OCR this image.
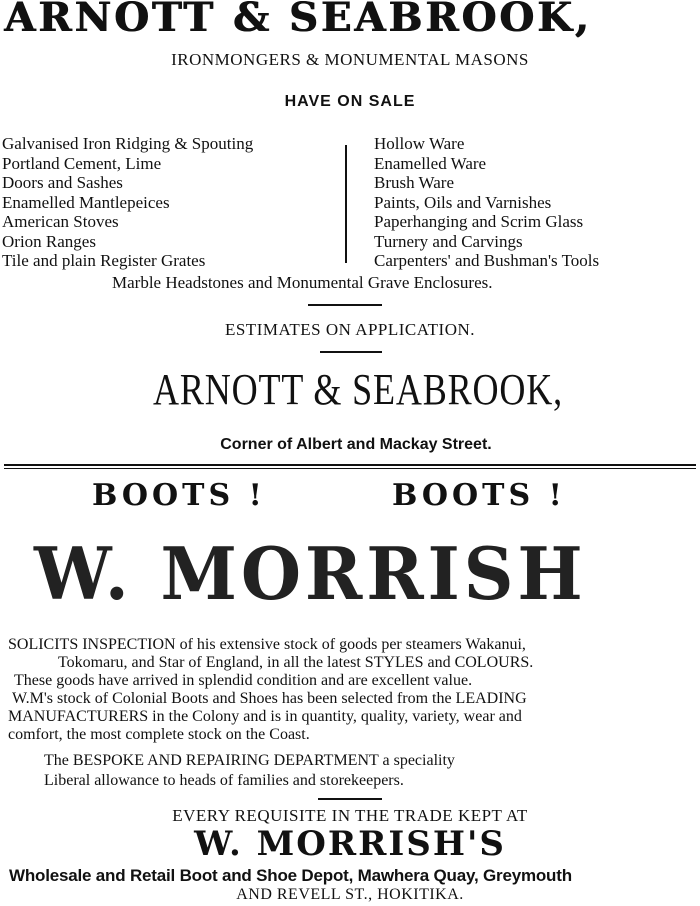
ARNOTT & SEABROOK,
IRONMONGERS & MONUMENTAL MASONS
HAVE ON SALE
Galvanised Iron Ridging & Spouting
Portland Cement, Lime
Doors and Sashes
Enamelled Mantlepeices
American Stoves
Orion Ranges
Tile and plain Register Grates
Hollow Ware
Enamelled Ware
Brush Ware
Paints, Oils and Varnishes
Paperhanging and Scrim Glass
Turnery and Carvings
Carpenters' and Bushman's Tools
Marble Headstones and Monumental Grave Enclosures.
ESTIMATES ON APPLICATION.
ARNOTT & SEABROOK,
Corner of Albert and Mackay Street.
BOOTS !	BOOTS !
W. MORRISH
SOLICITS INSPECTION of his extensive stock of goods per steamers Wakanui,
Tokomaru, and Star of England, in all the latest STYLES and COLOURS.
These goods have arrived in splendid condition and are excellent value.
W.M's stock of Colonial Boots and Shoes has been selected from the LEADING
MANUFACTURERS in the Colony and is in quantity, quality, variety, wear and
comfort, the most complete stock on the Coast.
The BESPOKE AND REPAIRING DEPARTMENT a speciality
Liberal allowance to heads of families and storekeepers.
EVERY REQUISITE IN THE TRADE KEPT AT
W. MORRISH'S
Wholesale and Retail Boot and Shoe Depot, Mawhera Quay, Greymouth
AND REVELL ST., HOKITIKA.
